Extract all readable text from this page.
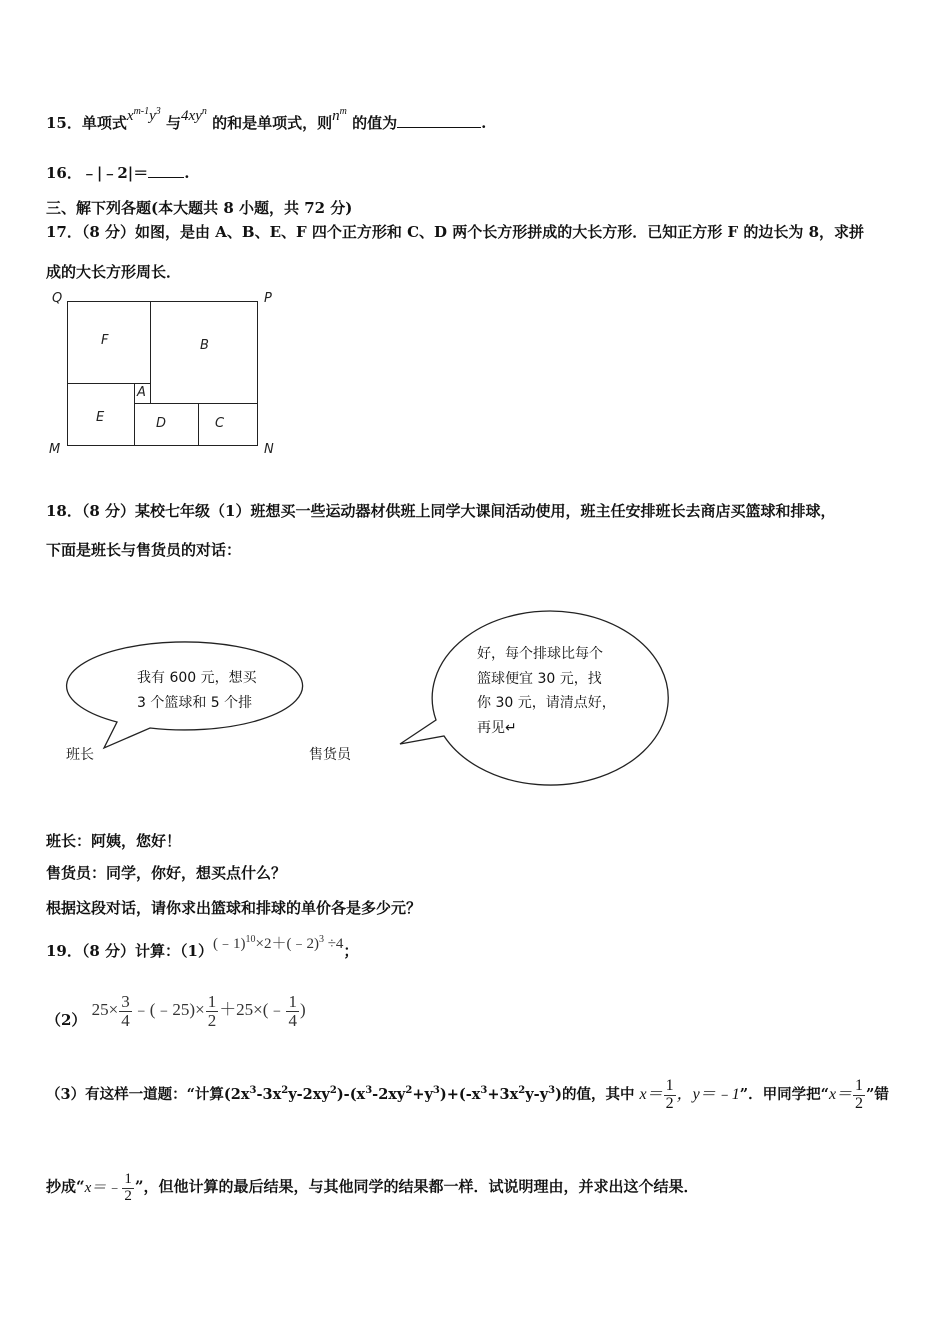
15．单项式$x^{m-1}y^3$ 与$4xy^n$ 的和是单项式，则$n^m$ 的值为	.
16．﹣|﹣2|＝ .
三、解下列各题(本大题共 8 小题，共 72 分)
17．（8 分）如图，是由 A、B、E、F 四个正方形和 C、D 两个长方形拼成的大长方形．已知正方形 F 的边长为 8，求拼
成的大长方形周长．
Q	P
M	N
F	B
A
E	D	C
18．（8 分）某校七年级（1）班想买一些运动器材供班上同学大课间活动使用，班主任安排班长去商店买篮球和排球，
下面是班长与售货员的对话：
我有 600 元，想买
3 个篮球和 5 个排
好，每个排球比每个
篮球便宜 30 元，找
你 30 元，请清点好，
再见↵
班长	售货员
班长：阿姨，您好！
售货员：同学，你好，想买点什么？
根据这段对话，请你求出篮球和排球的单价各是多少元？
19．（8 分）计算：（1）(﹣1)$^{10}$×2＋(﹣2)$^3$ ÷4；
（2） $25\times \frac{3}{4}$ ﹣(﹣25)× $\frac{1}{2}$ ＋25×(﹣ $\frac{1}{4}$ )
（3）有这样一道题：“计算$(2x^3-3x^2y-2xy^2)-(x^3-2xy^2+y^3)+(-x^3+3x^2y-y^3)$的值，其中 $x= \frac{1}{2}$ ，y＝﹣1”．甲同学把“$x= \frac{1}{2}$ ”错
抄成“x＝﹣ $\frac{1}{2}$ ”，但他计算的最后结果，与其他同学的结果都一样．试说明理由，并求出这个结果．
